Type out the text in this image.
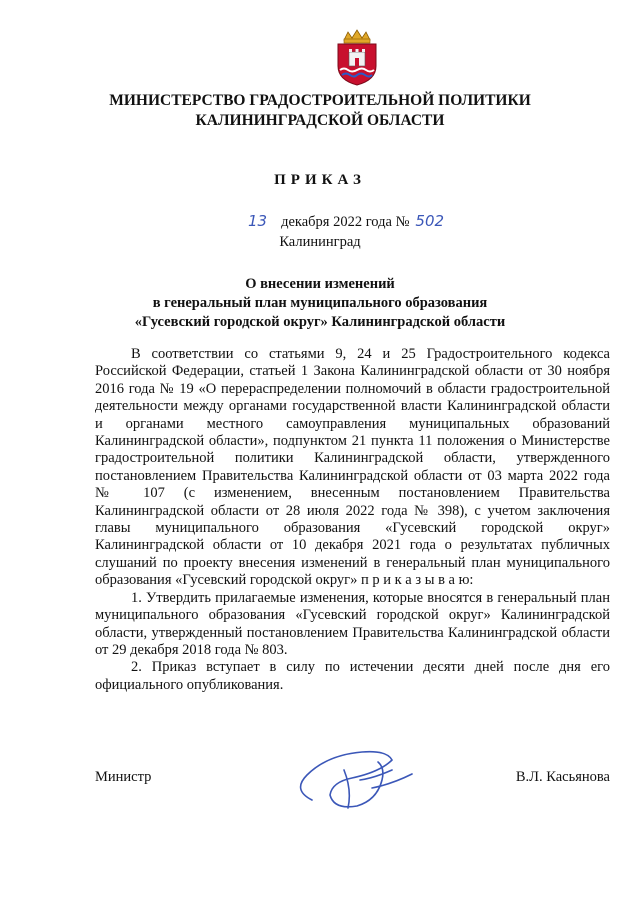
МИНИСТЕРСТВО ГРАДОСТРОИТЕЛЬНОЙ ПОЛИТИКИ
КАЛИНИНГРАДСКОЙ ОБЛАСТИ
ПРИКАЗ
13 декабря 2022 года № 502
Калининград
О внесении изменений
в генеральный план муниципального образования
«Гусевский городской округ» Калининградской области

В соответствии со статьями 9, 24 и 25 Градостроительного кодекса Российской Федерации, статьей 1 Закона Калининградской области от 30 ноября 2016 года № 19 «О перераспределении полномочий в области градостроительной деятельности между органами государственной власти Калининградской области и органами местного самоуправления муниципальных образований Калининградской области», подпунктом 21 пункта 11 положения о Министерстве градостроительной политики Калининградской области, утвержденного постановлением Правительства Калининградской области от 03 марта 2022 года № 107 (с изменением, внесенным постановлением Правительства Калининградской области от 28 июля 2022 года № 398), с учетом заключения главы муниципального образования «Гусевский городской округ» Калининградской области от 10 декабря 2021 года о результатах публичных слушаний по проекту внесения изменений в генеральный план муниципального образования «Гусевский городской округ» п р и к а з ы в а ю:

1. Утвердить прилагаемые изменения, которые вносятся в генеральный план муниципального образования «Гусевский городской округ» Калининградской области, утвержденный постановлением Правительства Калининградской области от 29 декабря 2018 года № 803.

2. Приказ вступает в силу по истечении десяти дней после дня его официального опубликования.

Министр	В.Л. Касьянова
